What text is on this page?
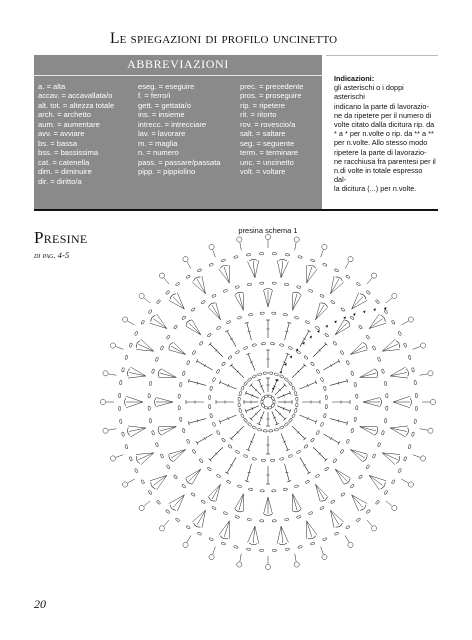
Le spiegazioni di profilo uncinetto
ABBREVIAZIONI
a. = alta
accav. = accavallata/o
alt. tot. = altezza totale
arch. = archetto
aum. = aumentare
avv. = avviare
bs. = bassa
bss. = bassissima
cat. = catenella
dim. = diminuire
dir. = diritto/a
eseg. = eseguire
f. = ferro/i
gett. = gettata/o
ins. = insieme
intrecc. = intrecciare
lav. = lavorare
m. = maglia
n. = numero
pass. = passare/passata
pipp. = pippiolino
prec. = precedente
pros. = proseguire
rip. = ripetere
rit. = ritorto
rov. = rovescio/a
salt. = saltare
seg. = seguente
term. = terminare
unc. = uncinetto
volt. = voltare
Indicazioni:
gli asterischi o i doppi asterischi
indicano la parte di lavorazio-
ne da ripetere per il numero di
volte citato dalla dicitura rip. da
* a * per n.volte o rip. da ** a **
per n.volte. Allo stesso modo
ripetere la parte di lavorazio-
ne racchiusa fra parentesi per il
n.di volte in totale espresso dal-
la dicitura (...) per n.volte.
Presine
di pag. 4-5
presina schema 1
20
